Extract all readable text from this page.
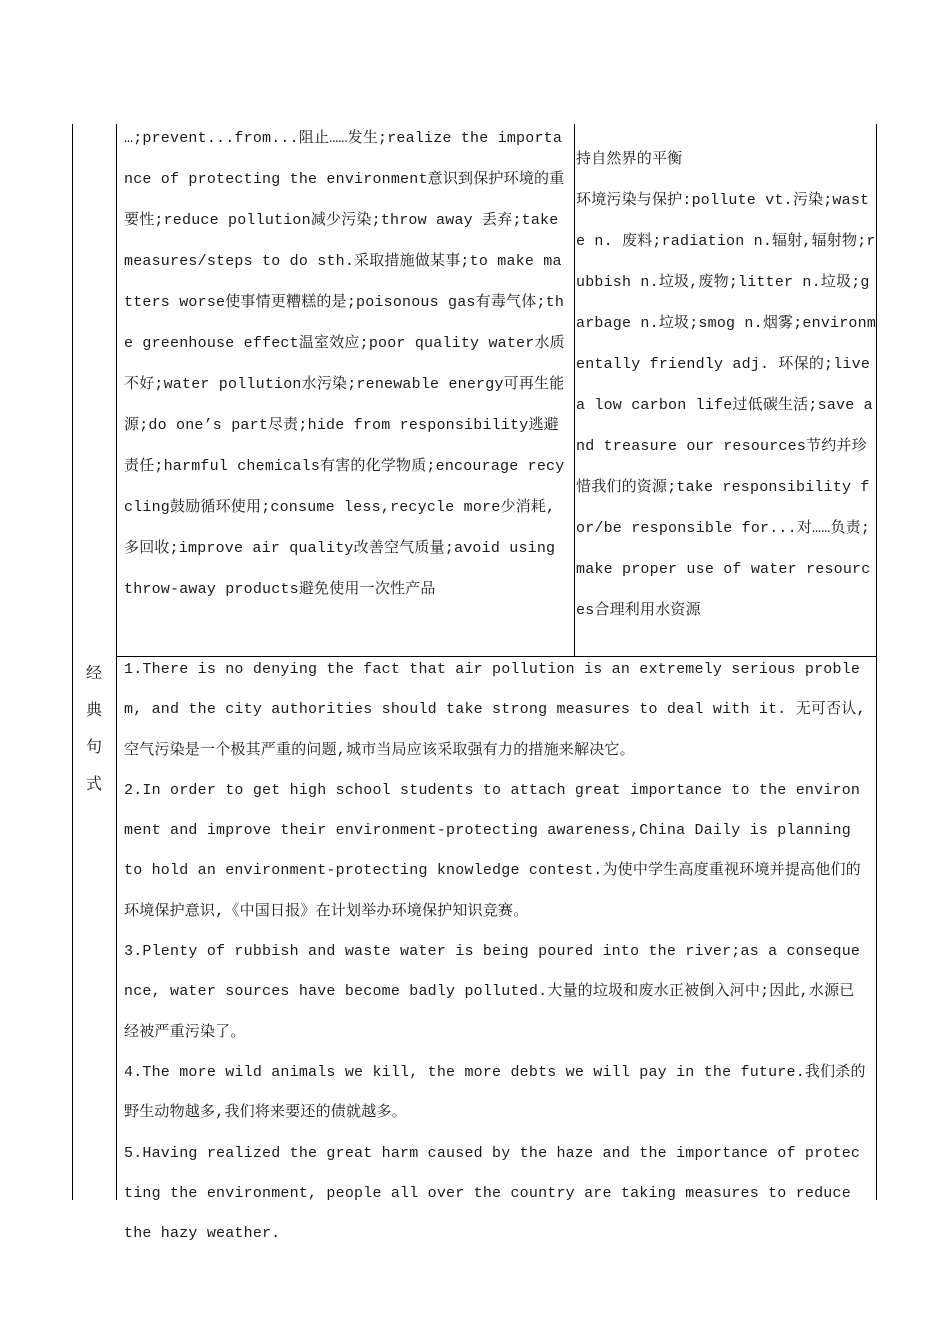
…;prevent...from...阻止……发生;realize the importance of protecting the environment意识到保护环境的重要性;reduce pollution减少污染;throw away 丢弃;take measures/steps to do sth.采取措施做某事;to make matters worse使事情更糟糕的是;poisonous gas有毒气体;the greenhouse effect温室效应;poor quality water水质不好;water pollution水污染;renewable energy可再生能源;do one’s part尽责;hide from responsibility逃避责任;harmful chemicals有害的化学物质;encourage recycling鼓励循环使用;consume less,recycle more少消耗,多回收;improve air quality改善空气质量;avoid using throw-away products避免使用一次性产品
持自然界的平衡
环境污染与保护:pollute vt.污染;waste n. 废料;radiation n.辐射,辐射物;rubbish n.垃圾,废物;litter n.垃圾;garbage n.垃圾;smog n.烟雾;environmentally friendly adj. 环保的;live a low carbon life过低碳生活;save and treasure our resources节约并珍惜我们的资源;take responsibility for/be responsible for...对……负责;make proper use of water resources合理利用水资源
经
典
句
式
1.There is no denying the fact that air pollution is an extremely serious problem, and the city authorities should take strong measures to deal with it. 无可否认,空气污染是一个极其严重的问题,城市当局应该采取强有力的措施来解决它。
2.In order to get high school students to attach great importance to the environment and improve their environment-protecting awareness,China Daily is planning to hold an environment-protecting knowledge contest.为使中学生高度重视环境并提高他们的环境保护意识,《中国日报》在计划举办环境保护知识竞赛。
3.Plenty of rubbish and waste water is being poured into the river;as a consequence, water sources have become badly polluted.大量的垃圾和废水正被倒入河中;因此,水源已经被严重污染了。
4.The more wild animals we kill, the more debts we will pay in the future.我们杀的野生动物越多,我们将来要还的债就越多。
5.Having realized the great harm caused by the haze and the importance of protecting the environment, people all over the country are taking measures to reduce the hazy weather.
